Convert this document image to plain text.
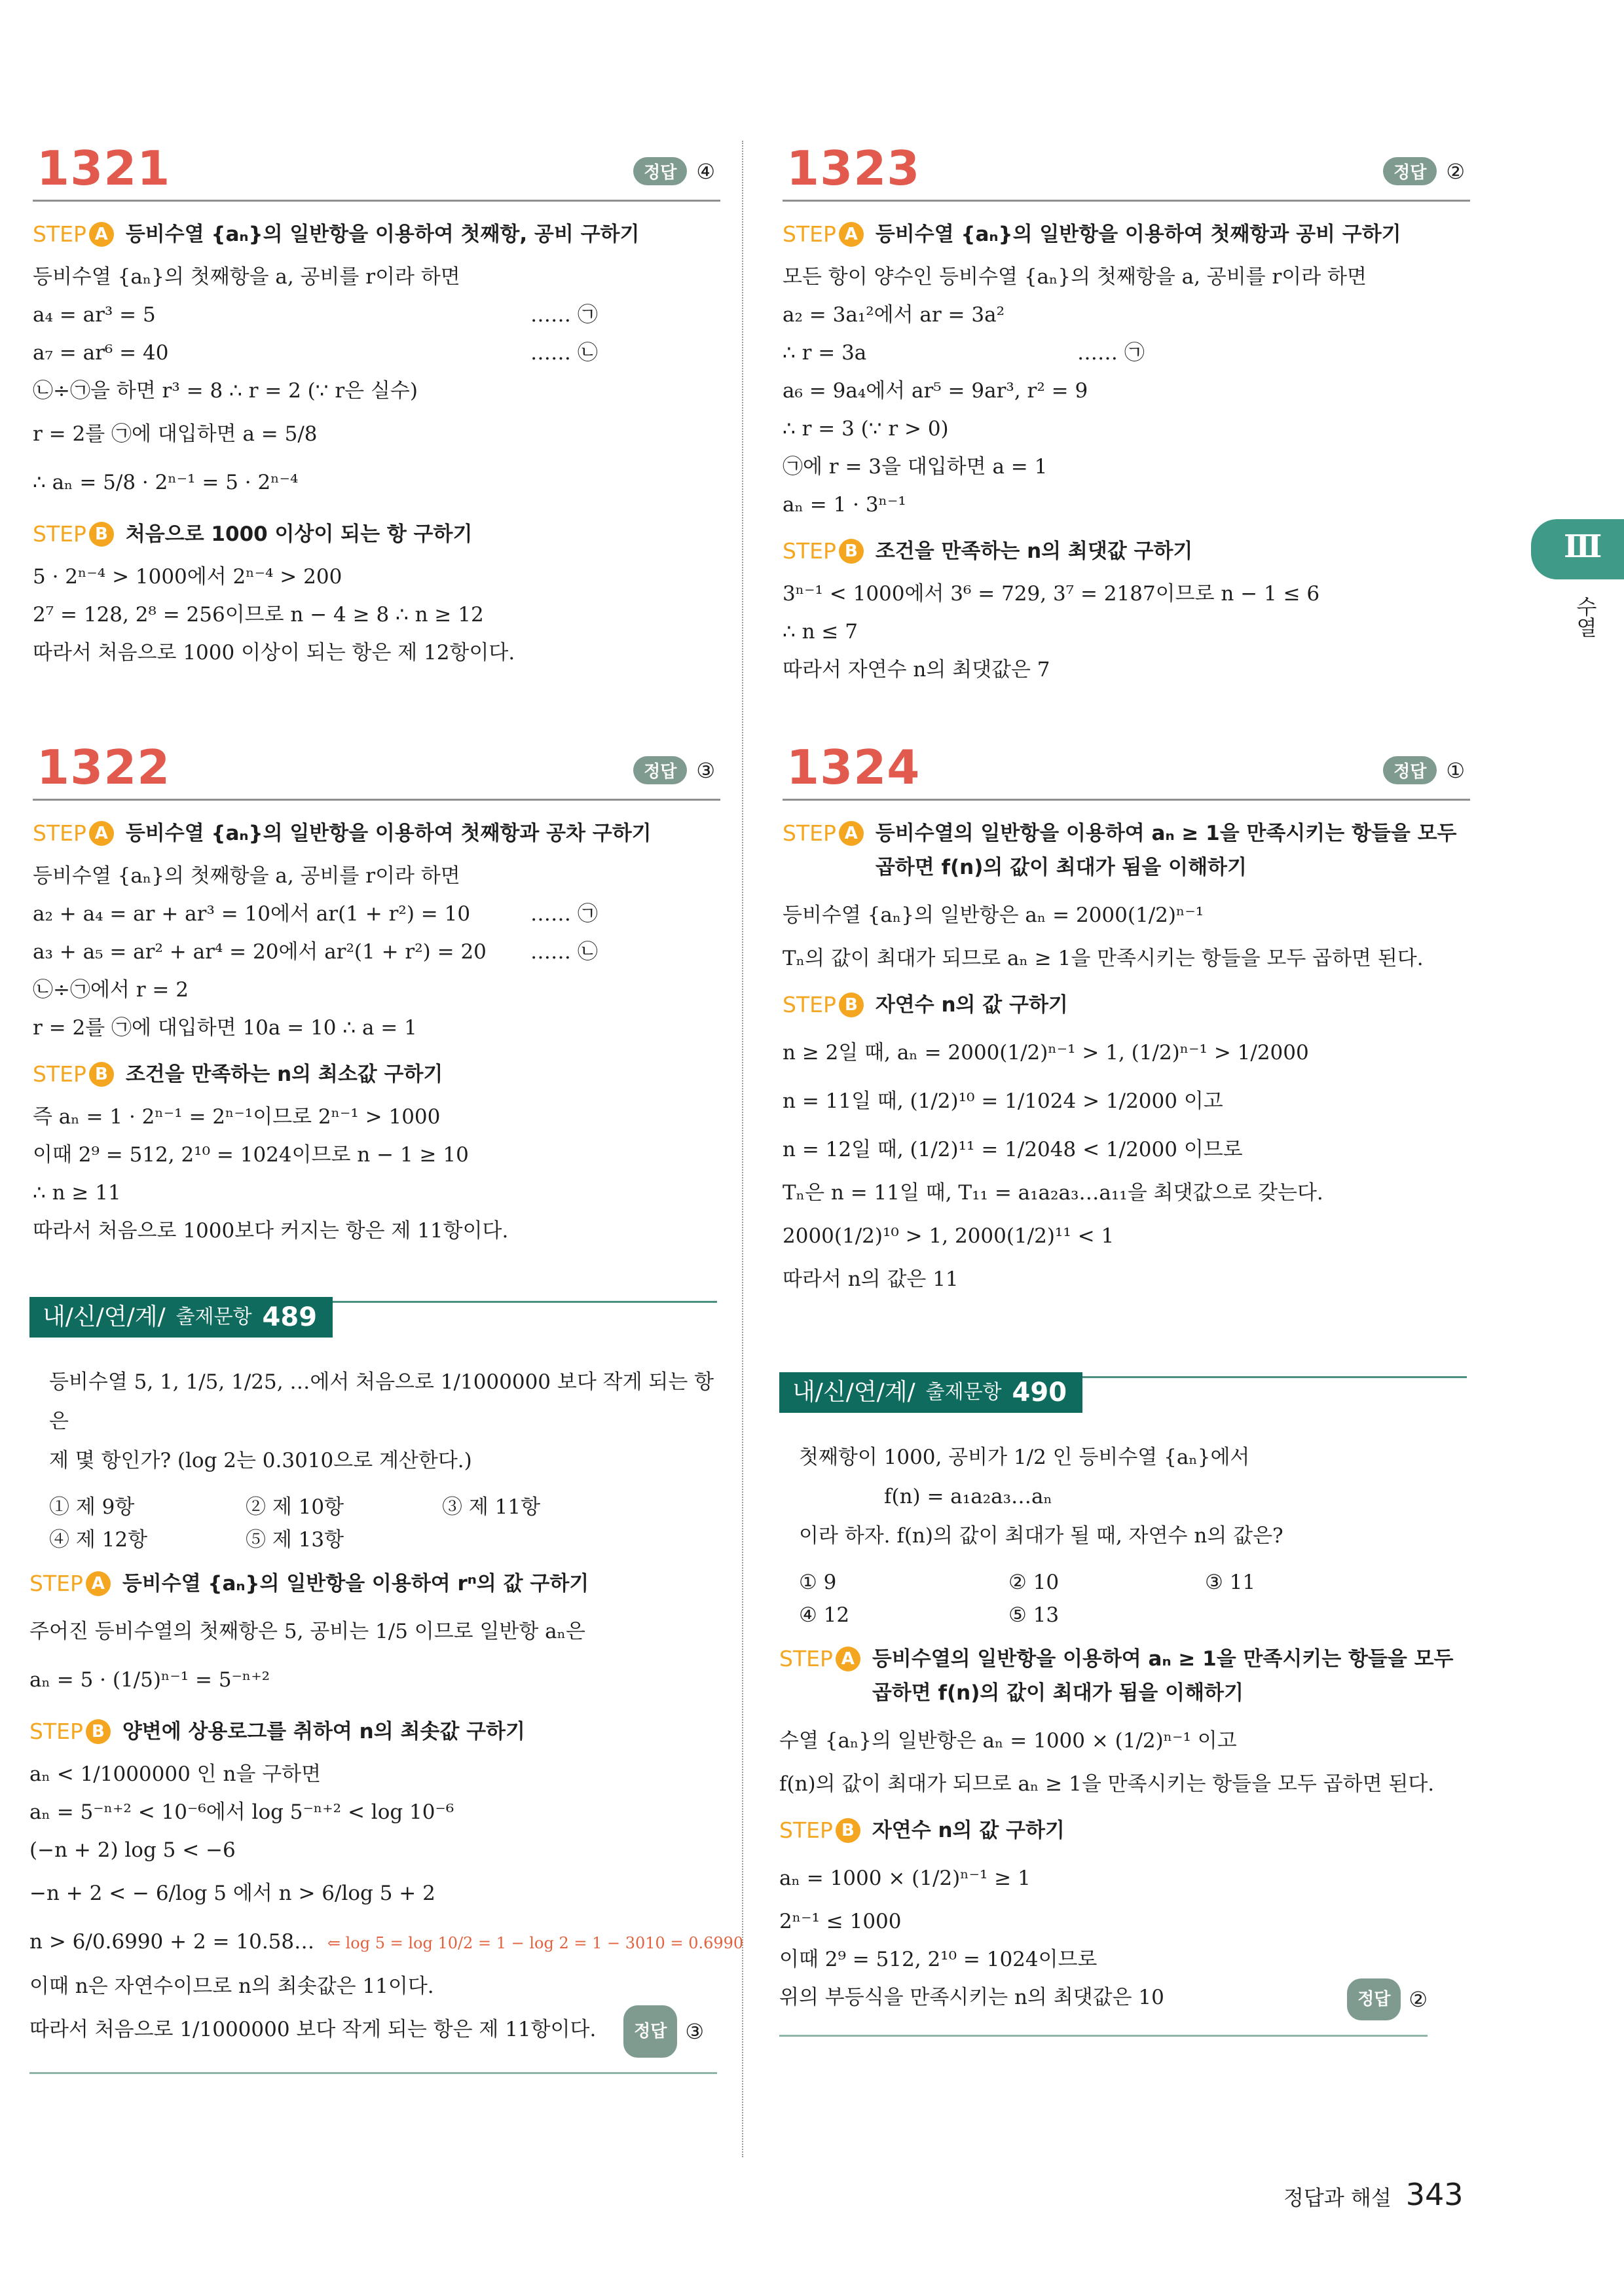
Ⅲ
수열
1321	정답 ④
STEP A 등비수열 {aₙ}의 일반항을 이용하여 첫째항, 공비 구하기
등비수열 {aₙ}의 첫째항을 a, 공비를 r이라 하면
a₄ = ar³ = 5	…… ㉠
a₇ = ar⁶ = 40	…… ㉡
㉡÷㉠을 하면 r³ = 8 ∴ r = 2 (∵ r은 실수)
r = 2를 ㉠에 대입하면 a = 5/8
∴ aₙ = 5/8 · 2ⁿ⁻¹ = 5 · 2ⁿ⁻⁴
STEP B 처음으로 1000 이상이 되는 항 구하기
5 · 2ⁿ⁻⁴ > 1000에서 2ⁿ⁻⁴ > 200
2⁷ = 128, 2⁸ = 256이므로 n − 4 ≥ 8 ∴ n ≥ 12
따라서 처음으로 1000 이상이 되는 항은 제 12항이다.
1322	정답 ③
STEP A 등비수열 {aₙ}의 일반항을 이용하여 첫째항과 공차 구하기
등비수열 {aₙ}의 첫째항을 a, 공비를 r이라 하면
a₂ + a₄ = ar + ar³ = 10에서 ar(1 + r²) = 10	…… ㉠
a₃ + a₅ = ar² + ar⁴ = 20에서 ar²(1 + r²) = 20 …… ㉡
㉡÷㉠에서 r = 2
r = 2를 ㉠에 대입하면 10a = 10 ∴ a = 1
STEP B 조건을 만족하는 n의 최소값 구하기
즉 aₙ = 1 · 2ⁿ⁻¹ = 2ⁿ⁻¹이므로 2ⁿ⁻¹ > 1000
이때 2⁹ = 512, 2¹⁰ = 1024이므로 n − 1 ≥ 10
∴ n ≥ 11
따라서 처음으로 1000보다 커지는 항은 제 11항이다.
내/신/연/계/ 출제문항 489
등비수열 5, 1, 1/5, 1/25, …에서 처음으로 1/1000000 보다 작게 되는 항은
제 몇 항인가? (log 2는 0.3010으로 계산한다.)
① 제 9항	② 제 10항	③ 제 11항
④ 제 12항	⑤ 제 13항
STEP A 등비수열 {aₙ}의 일반항을 이용하여 rⁿ의 값 구하기
주어진 등비수열의 첫째항은 5, 공비는 1/5 이므로 일반항 aₙ은
aₙ = 5 · (1/5)ⁿ⁻¹ = 5⁻ⁿ⁺²
STEP B 양변에 상용로그를 취하여 n의 최솟값 구하기
aₙ < 1/1000000 인 n을 구하면
aₙ = 5⁻ⁿ⁺² < 10⁻⁶에서 log 5⁻ⁿ⁺² < log 10⁻⁶
(−n + 2) log 5 < −6
−n + 2 < − 6/log 5 에서 n > 6/log 5 + 2
n > 6/0.6990 + 2 = 10.58… ⇐ log 5 = log 10/2 = 1 − log 2 = 1 − 3010 = 0.6990
이때 n은 자연수이므로 n의 최솟값은 11이다.
따라서 처음으로 1/1000000 보다 작게 되는 항은 제 11항이다.	정답 ③
1323	정답 ②
STEP A 등비수열 {aₙ}의 일반항을 이용하여 첫째항과 공비 구하기
모든 항이 양수인 등비수열 {aₙ}의 첫째항을 a, 공비를 r이라 하면
a₂ = 3a₁²에서 ar = 3a²
∴ r = 3a	…… ㉠
a₆ = 9a₄에서 ar⁵ = 9ar³, r² = 9
∴ r = 3 (∵ r > 0)
㉠에 r = 3을 대입하면 a = 1
aₙ = 1 · 3ⁿ⁻¹
STEP B 조건을 만족하는 n의 최댓값 구하기
3ⁿ⁻¹ < 1000에서 3⁶ = 729, 3⁷ = 2187이므로 n − 1 ≤ 6
∴ n ≤ 7
따라서 자연수 n의 최댓값은 7
1324	정답 ①
STEP A 등비수열의 일반항을 이용하여 aₙ ≥ 1을 만족시키는 항들을 모두
곱하면 f(n)의 값이 최대가 됨을 이해하기
등비수열 {aₙ}의 일반항은 aₙ = 2000(1/2)ⁿ⁻¹
Tₙ의 값이 최대가 되므로 aₙ ≥ 1을 만족시키는 항들을 모두 곱하면 된다.
STEP B 자연수 n의 값 구하기
n ≥ 2일 때, aₙ = 2000(1/2)ⁿ⁻¹ > 1, (1/2)ⁿ⁻¹ > 1/2000
n = 11일 때, (1/2)¹⁰ = 1/1024 > 1/2000 이고
n = 12일 때, (1/2)¹¹ = 1/2048 < 1/2000 이므로
Tₙ은 n = 11일 때, T₁₁ = a₁a₂a₃…a₁₁을 최댓값으로 갖는다.
2000(1/2)¹⁰ > 1, 2000(1/2)¹¹ < 1
따라서 n의 값은 11
내/신/연/계/ 출제문항 490
첫째항이 1000, 공비가 1/2 인 등비수열 {aₙ}에서
f(n) = a₁a₂a₃…aₙ
이라 하자. f(n)의 값이 최대가 될 때, 자연수 n의 값은?
① 9	② 10	③ 11
④ 12	⑤ 13
STEP A 등비수열의 일반항을 이용하여 aₙ ≥ 1을 만족시키는 항들을 모두
곱하면 f(n)의 값이 최대가 됨을 이해하기
수열 {aₙ}의 일반항은 aₙ = 1000 × (1/2)ⁿ⁻¹ 이고
f(n)의 값이 최대가 되므로 aₙ ≥ 1을 만족시키는 항들을 모두 곱하면 된다.
STEP B 자연수 n의 값 구하기
aₙ = 1000 × (1/2)ⁿ⁻¹ ≥ 1
2ⁿ⁻¹ ≤ 1000
이때 2⁹ = 512, 2¹⁰ = 1024이므로
위의 부등식을 만족시키는 n의 최댓값은 10	정답 ②
정답과 해설 343
